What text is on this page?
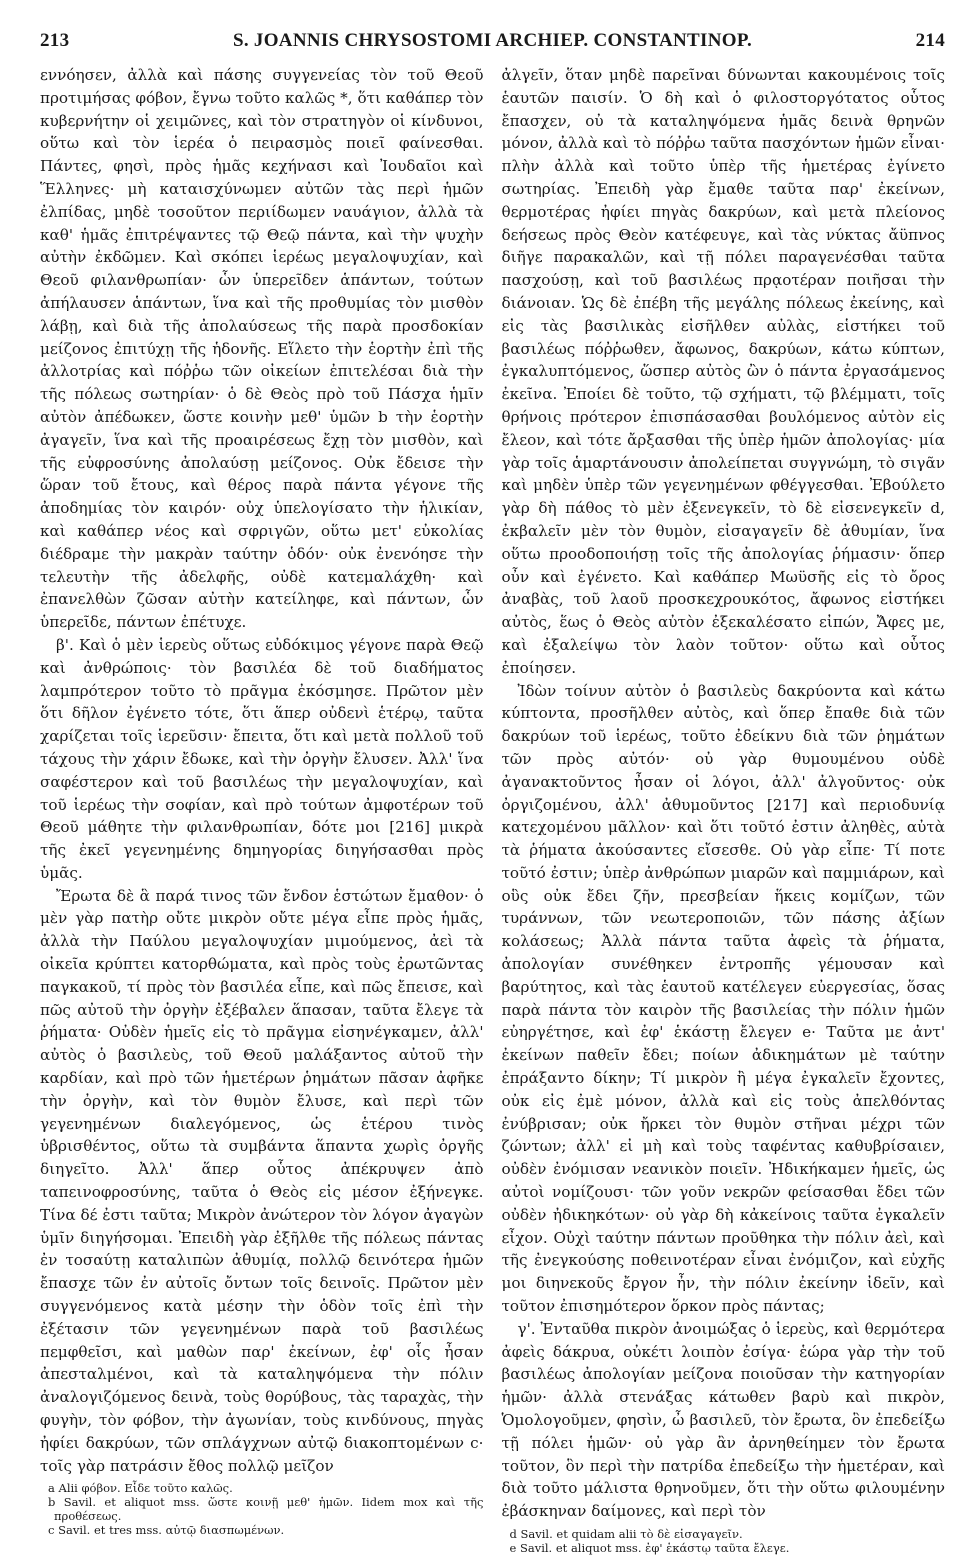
213	S. JOANNIS CHRYSOSTOMI ARCHIEP. CONSTANTINOP.	214

εννόησεν, ἀλλὰ καὶ πάσης συγγενείας τὸν τοῦ Θεοῦ προτιμήσας φόβον, ἔγνω τοῦτο καλῶς *, ὅτι καθάπερ τὸν κυβερνήτην οἱ χειμῶνες, καὶ τὸν στρατηγὸν οἱ κίνδυνοι, οὕτω καὶ τὸν ἱερέα ὁ πειρασμὸς ποιεῖ φαίνεσθαι. Πάντες, φησὶ, πρὸς ἡμᾶς κεχήνασι καὶ Ἰουδαῖοι καὶ Ἕλληνες· μὴ καταισχύνωμεν αὐτῶν τὰς περὶ ἡμῶν ἐλπίδας, μηδὲ τοσοῦτον περιίδωμεν ναυάγιον, ἀλλὰ τὰ καθ' ἡμᾶς ἐπιτρέψαντες τῷ Θεῷ πάντα, καὶ τὴν ψυχὴν αὐτὴν ἐκδῶμεν. Καὶ σκόπει ἱερέως μεγαλοψυχίαν, καὶ Θεοῦ φιλανθρωπίαν· ὧν ὑπερεῖδεν ἁπάντων, τούτων ἀπήλαυσεν ἁπάντων, ἵνα καὶ τῆς προθυμίας τὸν μισθὸν λάβῃ, καὶ διὰ τῆς ἀπολαύσεως τῆς παρὰ προσδοκίαν μείζονος ἐπιτύχῃ τῆς ἡδονῆς. Εἵλετο τὴν ἑορτὴν ἐπὶ τῆς ἀλλοτρίας καὶ πόῤῥω τῶν οἰκείων ἐπιτελέσαι διὰ τὴν τῆς πόλεως σωτηρίαν· ὁ δὲ Θεὸς πρὸ τοῦ Πάσχα ἡμῖν αὐτὸν ἀπέδωκεν, ὥστε κοινὴν μεθ' ὑμῶν b τὴν ἑορτὴν ἀγαγεῖν, ἵνα καὶ τῆς προαιρέσεως ἔχῃ τὸν μισθὸν, καὶ τῆς εὐφροσύνης ἀπολαύσῃ μείζονος. Οὐκ ἔδεισε τὴν ὥραν τοῦ ἔτους, καὶ θέρος παρὰ πάντα γέγονε τῆς ἀποδημίας τὸν καιρόν· οὐχ ὑπελογίσατο τὴν ἡλικίαν, καὶ καθάπερ νέος καὶ σφριγῶν, οὕτω μετ' εὐκολίας διέδραμε τὴν μακρὰν ταύτην ὁδόν· οὐκ ἐνενόησε τὴν τελευτὴν τῆς ἀδελφῆς, οὐδὲ κατεμαλάχθη· καὶ ἐπανελθὼν ζῶσαν αὐτὴν κατείληφε, καὶ πάντων, ὧν ὑπερεῖδε, πάντων ἐπέτυχε.

β'. Καὶ ὁ μὲν ἱερεὺς οὕτως εὐδόκιμος γέγονε παρὰ Θεῷ καὶ ἀνθρώποις· τὸν βασιλέα δὲ τοῦ διαδήματος λαμπρότερον τοῦτο τὸ πρᾶγμα ἐκόσμησε. Πρῶτον μὲν ὅτι δῆλον ἐγένετο τότε, ὅτι ἅπερ οὐδενὶ ἑτέρῳ, ταῦτα χαρίζεται τοῖς ἱερεῦσιν· ἔπειτα, ὅτι καὶ μετὰ πολλοῦ τοῦ τάχους τὴν χάριν ἔδωκε, καὶ τὴν ὀργὴν ἔλυσεν. Ἀλλ' ἵνα σαφέστερον καὶ τοῦ βασιλέως τὴν μεγαλοψυχίαν, καὶ τοῦ ἱερέως τὴν σοφίαν, καὶ πρὸ τούτων ἀμφοτέρων τοῦ Θεοῦ μάθητε τὴν φιλανθρωπίαν, δότε μοι [216] μικρὰ τῆς ἐκεῖ γεγενημένης δημηγορίας διηγήσασθαι πρὸς ὑμᾶς.

Ἔρωτα δὲ ἃ παρά τινος τῶν ἔνδον ἑστώτων ἔμαθον· ὁ μὲν γὰρ πατὴρ οὔτε μικρὸν οὔτε μέγα εἶπε πρὸς ἡμᾶς, ἀλλὰ τὴν Παύλου μεγαλοψυχίαν μιμούμενος, ἀεὶ τὰ οἰκεῖα κρύπτει κατορθώματα, καὶ πρὸς τοὺς ἐρωτῶντας παγκακοῦ, τί πρὸς τὸν βασιλέα εἶπε, καὶ πῶς ἔπεισε, καὶ πῶς αὐτοῦ τὴν ὀργὴν ἐξέβαλεν ἅπασαν, ταῦτα ἔλεγε τὰ ῥήματα· Οὐδὲν ἡμεῖς εἰς τὸ πρᾶγμα εἰσηνέγκαμεν, ἀλλ' αὐτὸς ὁ βασιλεὺς, τοῦ Θεοῦ μαλάξαντος αὐτοῦ τὴν καρδίαν, καὶ πρὸ τῶν ἡμετέρων ῥημάτων πᾶσαν ἀφῆκε τὴν ὀργὴν, καὶ τὸν θυμὸν ἔλυσε, καὶ περὶ τῶν γεγενημένων διαλεγόμενος, ὡς ἑτέρου τινὸς ὑβρισθέντος, οὕτω τὰ συμβάντα ἅπαντα χωρὶς ὀργῆς διηγεῖτο. Ἀλλ' ἅπερ οὗτος ἀπέκρυψεν ἀπὸ ταπεινοφροσύνης, ταῦτα ὁ Θεὸς εἰς μέσον ἐξήνεγκε. Τίνα δέ ἐστι ταῦτα; Μικρὸν ἀνώτερον τὸν λόγον ἀγαγὼν ὑμῖν διηγήσομαι. Ἐπειδὴ γὰρ ἐξῆλθε τῆς πόλεως πάντας ἐν τοσαύτῃ καταλιπὼν ἀθυμίᾳ, πολλῷ δεινότερα ἡμῶν ἔπασχε τῶν ἐν αὐτοῖς ὄντων τοῖς δεινοῖς. Πρῶτον μὲν συγγενόμενος κατὰ μέσην τὴν ὁδὸν τοῖς ἐπὶ τὴν ἐξέτασιν τῶν γεγενημένων παρὰ τοῦ βασιλέως πεμφθεῖσι, καὶ μαθὼν παρ' ἐκείνων, ἐφ' οἷς ἦσαν ἀπεσταλμένοι, καὶ τὰ καταληψόμενα τὴν πόλιν ἀναλογιζόμενος δεινὰ, τοὺς θορύβους, τὰς ταραχὰς, τὴν φυγὴν, τὸν φόβον, τὴν ἀγωνίαν, τοὺς κινδύνους, πηγὰς ἠφίει δακρύων, τῶν σπλάγχνων αὐτῷ διακοπτομένων c· τοῖς γὰρ πατράσιν ἔθος πολλῷ μεῖζον

a Alii φόβον. Εἶδε τοῦτο καλῶς.
b Savil. et aliquot mss. ὥστε κοινῇ μεθ' ἡμῶν. Iidem mox καὶ τῆς προθέσεως.
c Savil. et tres mss. αὐτῷ διασπωμένων.

ἀλγεῖν, ὅταν μηδὲ παρεῖναι δύνωνται κακουμένοις τοῖς ἑαυτῶν παισίν. Ὁ δὴ καὶ ὁ φιλοστοργότατος οὗτος ἔπασχεν, οὐ τὰ καταληψόμενα ἡμᾶς δεινὰ θρηνῶν μόνον, ἀλλὰ καὶ τὸ πόῤῥω ταῦτα πασχόντων ἡμῶν εἶναι· πλὴν ἀλλὰ καὶ τοῦτο ὑπὲρ τῆς ἡμετέρας ἐγίνετο σωτηρίας. Ἐπειδὴ γὰρ ἔμαθε ταῦτα παρ' ἐκείνων, θερμοτέρας ἠφίει πηγὰς δακρύων, καὶ μετὰ πλείονος δεήσεως πρὸς Θεὸν κατέφευγε, καὶ τὰς νύκτας ἄϋπνος διῆγε παρακαλῶν, καὶ τῇ πόλει παραγενέσθαι ταῦτα πασχούσῃ, καὶ τοῦ βασιλέως πρᾳοτέραν ποιῆσαι τὴν διάνοιαν. Ὡς δὲ ἐπέβη τῆς μεγάλης πόλεως ἐκείνης, καὶ εἰς τὰς βασιλικὰς εἰσῆλθεν αὐλὰς, εἱστήκει τοῦ βασιλέως πόῤῥωθεν, ἄφωνος, δακρύων, κάτω κύπτων, ἐγκαλυπτόμενος, ὥσπερ αὐτὸς ὢν ὁ πάντα ἐργασάμενος ἐκεῖνα. Ἐποίει δὲ τοῦτο, τῷ σχήματι, τῷ βλέμματι, τοῖς θρήνοις πρότερον ἐπισπάσασθαι βουλόμενος αὐτὸν εἰς ἔλεον, καὶ τότε ἄρξασθαι τῆς ὑπὲρ ἡμῶν ἀπολογίας· μία γὰρ τοῖς ἁμαρτάνουσιν ἀπολείπεται συγγνώμη, τὸ σιγᾶν καὶ μηδὲν ὑπὲρ τῶν γεγενημένων φθέγγεσθαι. Ἐβούλετο γὰρ δὴ πάθος τὸ μὲν ἐξενεγκεῖν, τὸ δὲ εἰσενεγκεῖν d, ἐκβαλεῖν μὲν τὸν θυμὸν, εἰσαγαγεῖν δὲ ἀθυμίαν, ἵνα οὕτω προοδοποιήσῃ τοῖς τῆς ἀπολογίας ῥήμασιν· ὅπερ οὖν καὶ ἐγένετο. Καὶ καθάπερ Μωϋσῆς εἰς τὸ ὄρος ἀναβὰς, τοῦ λαοῦ προσκεχρουκότος, ἄφωνος εἱστήκει αὐτὸς, ἕως ὁ Θεὸς αὐτὸν ἐξεκαλέσατο εἰπών, Ἄφες με, καὶ ἐξαλείψω τὸν λαὸν τοῦτον· οὕτω καὶ οὗτος ἐποίησεν.

Ἰδὼν τοίνυν αὐτὸν ὁ βασιλεὺς δακρύοντα καὶ κάτω κύπτοντα, προσῆλθεν αὐτὸς, καὶ ὅπερ ἔπαθε διὰ τῶν δακρύων τοῦ ἱερέως, τοῦτο ἐδείκνυ διὰ τῶν ῥημάτων τῶν πρὸς αὐτόν· οὐ γὰρ θυμουμένου οὐδὲ ἀγανακτοῦντος ἦσαν οἱ λόγοι, ἀλλ' ἀλγοῦντος· οὐκ ὀργιζομένου, ἀλλ' ἀθυμοῦντος [217] καὶ περιοδυνίᾳ κατεχομένου μᾶλλον· καὶ ὅτι τοῦτό ἐστιν ἀληθὲς, αὐτὰ τὰ ῥήματα ἀκούσαντες εἴσεσθε. Οὐ γὰρ εἶπε· Τί ποτε τοῦτό ἐστιν; ὑπὲρ ἀνθρώπων μιαρῶν καὶ παμμιάρων, καὶ οὓς οὐκ ἔδει ζῆν, πρεσβείαν ἥκεις κομίζων, τῶν τυράννων, τῶν νεωτεροποιῶν, τῶν πάσης ἀξίων κολάσεως; Ἀλλὰ πάντα ταῦτα ἀφεὶς τὰ ῥήματα, ἀπολογίαν συνέθηκεν ἐντροπῆς γέμουσαν καὶ βαρύτητος, καὶ τὰς ἑαυτοῦ κατέλεγεν εὐεργεσίας, ὅσας παρὰ πάντα τὸν καιρὸν τῆς βασιλείας τὴν πόλιν ἡμῶν εὐηργέτησε, καὶ ἐφ' ἑκάστῃ ἔλεγεν e· Ταῦτα με ἀντ' ἐκείνων παθεῖν ἔδει; ποίων ἀδικημάτων μὲ ταύτην ἐπράξαντο δίκην; Τί μικρὸν ἢ μέγα ἐγκαλεῖν ἔχοντες, οὐκ εἰς ἐμὲ μόνον, ἀλλὰ καὶ εἰς τοὺς ἀπελθόντας ἐνύβρισαν; οὐκ ἤρκει τὸν θυμὸν στῆναι μέχρι τῶν ζώντων; ἀλλ' εἰ μὴ καὶ τοὺς ταφέντας καθυβρίσαιεν, οὐδὲν ἐνόμισαν νεανικὸν ποιεῖν. Ἠδικήκαμεν ἡμεῖς, ὡς αὐτοὶ νομίζουσι· τῶν γοῦν νεκρῶν φείσασθαι ἔδει τῶν οὐδὲν ἠδικηκότων· οὐ γὰρ δὴ κἀκείνοις ταῦτα ἐγκαλεῖν εἶχον. Οὐχὶ ταύτην πάντων προῦθηκα τὴν πόλιν ἀεὶ, καὶ τῆς ἐνεγκούσης ποθεινοτέραν εἶναι ἐνόμιζον, καὶ εὐχῆς μοι διηνεκοῦς ἔργον ἦν, τὴν πόλιν ἐκείνην ἰδεῖν, καὶ τοῦτον ἐπισημότερον ὅρκον πρὸς πάντας;

γ'. Ἐνταῦθα πικρὸν ἀνοιμώξας ὁ ἱερεὺς, καὶ θερμότερα ἀφεὶς δάκρυα, οὐκέτι λοιπὸν ἐσίγα· ἑώρα γὰρ τὴν τοῦ βασιλέως ἀπολογίαν μείζονα ποιοῦσαν τὴν κατηγορίαν ἡμῶν· ἀλλὰ στενάξας κάτωθεν βαρὺ καὶ πικρὸν, Ὁμολογοῦμεν, φησὶν, ὦ βασιλεῦ, τὸν ἔρωτα, ὃν ἐπεδείξω τῇ πόλει ἡμῶν· οὐ γὰρ ἂν ἀρνηθείημεν τὸν ἔρωτα τοῦτον, ὃν περὶ τὴν πατρίδα ἐπεδείξω τὴν ἡμετέραν, καὶ διὰ τοῦτο μάλιστα θρηνοῦμεν, ὅτι τὴν οὕτω φιλουμένην ἐβάσκηναν δαίμονες, καὶ περὶ τὸν

d Savil. et quidam alii τὸ δὲ εἰσαγαγεῖν.
e Savil. et aliquot mss. ἐφ' ἑκάστῳ ταῦτα ἔλεγε.
